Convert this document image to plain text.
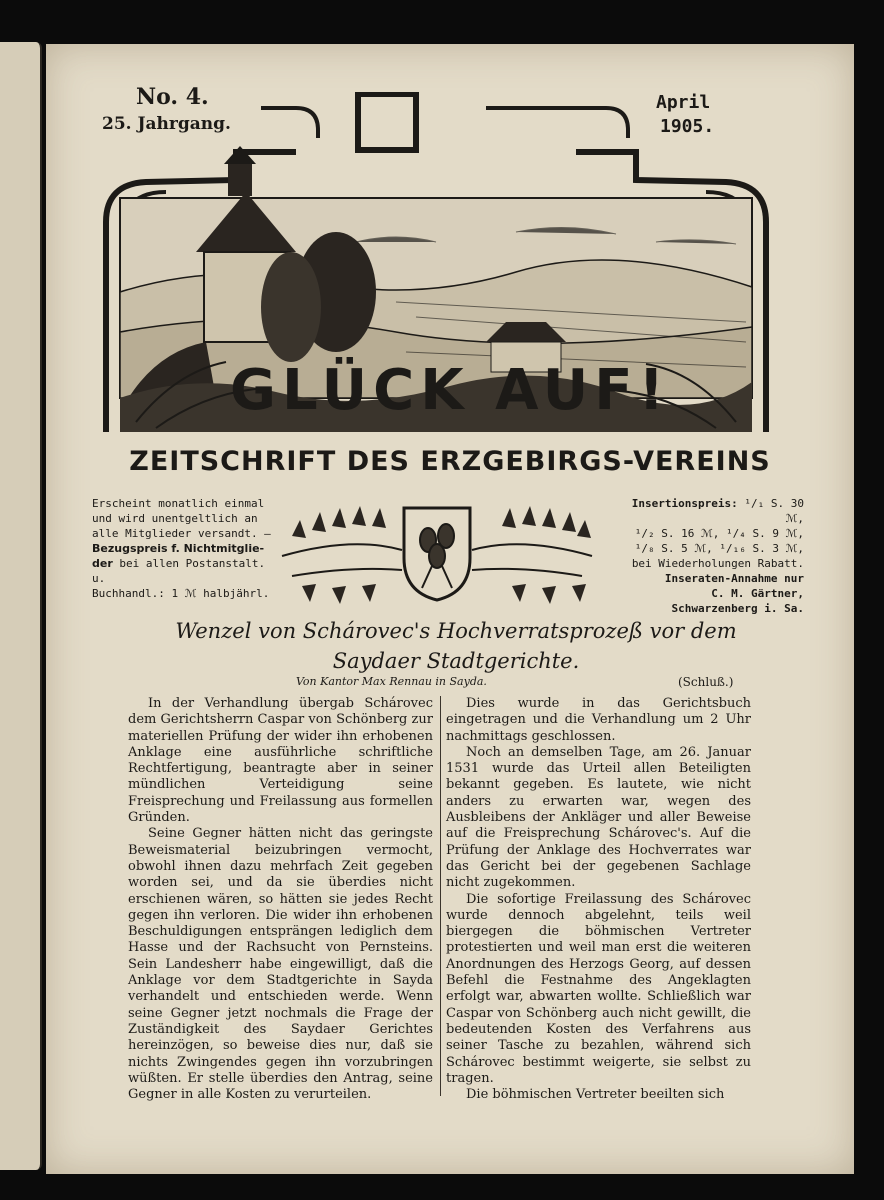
No. 4.
25. Jahrgang.
April
1905.
GLÜCK AUF!
ZEITSCHRIFT DES ERZGEBIRGS-VEREINS
Erscheint monatlich einmal
und wird unentgeltlich an
alle Mitglieder versandt. —
Bezugspreis f. Nichtmitglie-
der bei allen Postanstalt. u.
Buchhandl.: 1 ℳ halbjährl.
Insertionspreis: ¹/₁ S. 30 ℳ,
¹/₂ S. 16 ℳ, ¹/₄ S. 9 ℳ,
¹/₈ S. 5 ℳ, ¹/₁₆ S. 3 ℳ,
bei Wiederholungen Rabatt.
Inseraten-Annahme nur
C. M. Gärtner,
Schwarzenberg i. Sa.
Wenzel von Schárovec's Hochverratsprozeß vor dem
Saydaer Stadtgerichte.
Von Kantor Max Rennau in Sayda.	(Schluß.)

In der Verhandlung übergab Schárovec dem Gerichtsherrn Caspar von Schönberg zur materiellen Prüfung der wider ihn erhobenen Anklage eine ausführliche schriftliche Rechtfertigung, beantragte aber in seiner mündlichen Verteidigung seine Freisprechung und Freilassung aus formellen Gründen.

Seine Gegner hätten nicht das geringste Beweismaterial beizubringen vermocht, obwohl ihnen dazu mehrfach Zeit gegeben worden sei, und da sie überdies nicht erschienen wären, so hätten sie jedes Recht gegen ihn verloren. Die wider ihn erhobenen Beschuldigungen entsprängen lediglich dem Hasse und der Rachsucht von Pernsteins. Sein Landesherr habe eingewilligt, daß die Anklage vor dem Stadtgerichte in Sayda verhandelt und entschieden werde. Wenn seine Gegner jetzt nochmals die Frage der Zuständigkeit des Saydaer Gerichtes hereinzögen, so beweise dies nur, daß sie nichts Zwingendes gegen ihn vorzubringen wüßten. Er stelle überdies den Antrag, seine Gegner in alle Kosten zu verurteilen.

Dies wurde in das Gerichtsbuch eingetragen und die Verhandlung um 2 Uhr nachmittags geschlossen.

Noch an demselben Tage, am 26. Januar 1531 wurde das Urteil allen Beteiligten bekannt gegeben. Es lautete, wie nicht anders zu erwarten war, wegen des Ausbleibens der Ankläger und aller Beweise auf die Freisprechung Schárovec's. Auf die Prüfung der Anklage des Hochverrates war das Gericht bei der gegebenen Sachlage nicht zugekommen.

Die sofortige Freilassung des Schárovec wurde dennoch abgelehnt, teils weil biergegen die böhmischen Vertreter protestierten und weil man erst die weiteren Anordnungen des Herzogs Georg, auf dessen Befehl die Festnahme des Angeklagten erfolgt war, abwarten wollte. Schließlich war Caspar von Schönberg auch nicht gewillt, die bedeutenden Kosten des Verfahrens aus seiner Tasche zu bezahlen, während sich Schárovec bestimmt weigerte, sie selbst zu tragen.

Die böhmischen Vertreter beeilten sich
